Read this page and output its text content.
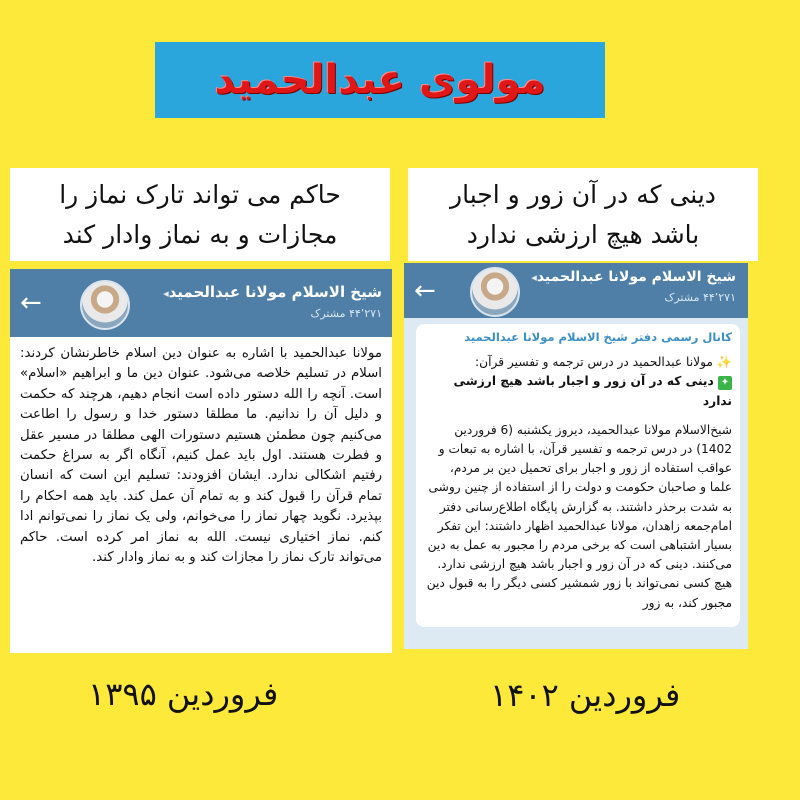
مولوی عبدالحمید
دینی که در آن زور و اجبار
باشد هیچ ارزشی ندارد
حاکم می تواند تارک نماز را
مجازات و به نماز وادار کند
←	شیخ الاسلام مولانا عبدالحمید◂
۴۴٬۲۷۱ مشترک
مولانا عبدالحمید با اشاره به عنوان دین اسلام خاطرنشان کردند: اسلام در تسلیم خلاصه می‌شود. عنوان دین ما و ابراهیم «اسلام» است. آنچه را الله دستور داده است انجام دهیم، هرچند که حکمت و دلیل آن را ندانیم. ما مطلقا دستور خدا و رسول را اطاعت می‌کنیم چون مطمئن هستیم دستورات الهی مطلقا در مسیر عقل و فطرت هستند. اول باید عمل کنیم، آنگاه اگر به سراغ حکمت رفتیم اشکالی ندارد. ایشان افزودند: تسلیم این است که انسان تمام قرآن را قبول کند و به تمام آن عمل کند. باید همه احکام را بپذیرد. نگوید چهار نماز را می‌خوانم، ولی یک نماز را نمی‌توانم ادا کنم. نماز اختیاری نیست. الله به نماز امر کرده است. حاکم می‌تواند تارک نماز را مجازات کند و به نماز وادار کند.
←	شیخ الاسلام مولانا عبدالحمید◂
۴۴٬۲۷۱ مشترک
کانال رسمی دفتر شیخ الاسلام مولانا عبدالحمید
✨ مولانا عبدالحمید در درس ترجمه و تفسیر قرآن:

✦ دینی که در آن زور و اجبار باشد هیچ ارزشی ندارد

شیخ‌الاسلام مولانا عبدالحمید، دیروز یکشنبه (6 فروردین 1402) در درس ترجمه و تفسیر قرآن، با اشاره به تبعات و عواقب استفاده از زور و اجبار برای تحمیل دین بر مردم، علما و صاحبان حکومت و دولت را از استفاده از چنین روشی به شدت برحذر داشتند. به گزارش پایگاه اطلاع‌رسانی دفتر امام‌جمعه زاهدان، مولانا عبدالحمید اظهار داشتند: این تفکر بسیار اشتباهی است که برخی مردم را مجبور به عمل به دین می‌کنند. دینی که در آن زور و اجبار باشد هیچ ارزشی ندارد. هیچ کسی نمی‌تواند با زور شمشیر کسی دیگر را به قبول دین مجبور کند، به زور

فروردین ۱۳۹۵	فروردین ۱۴۰۲
